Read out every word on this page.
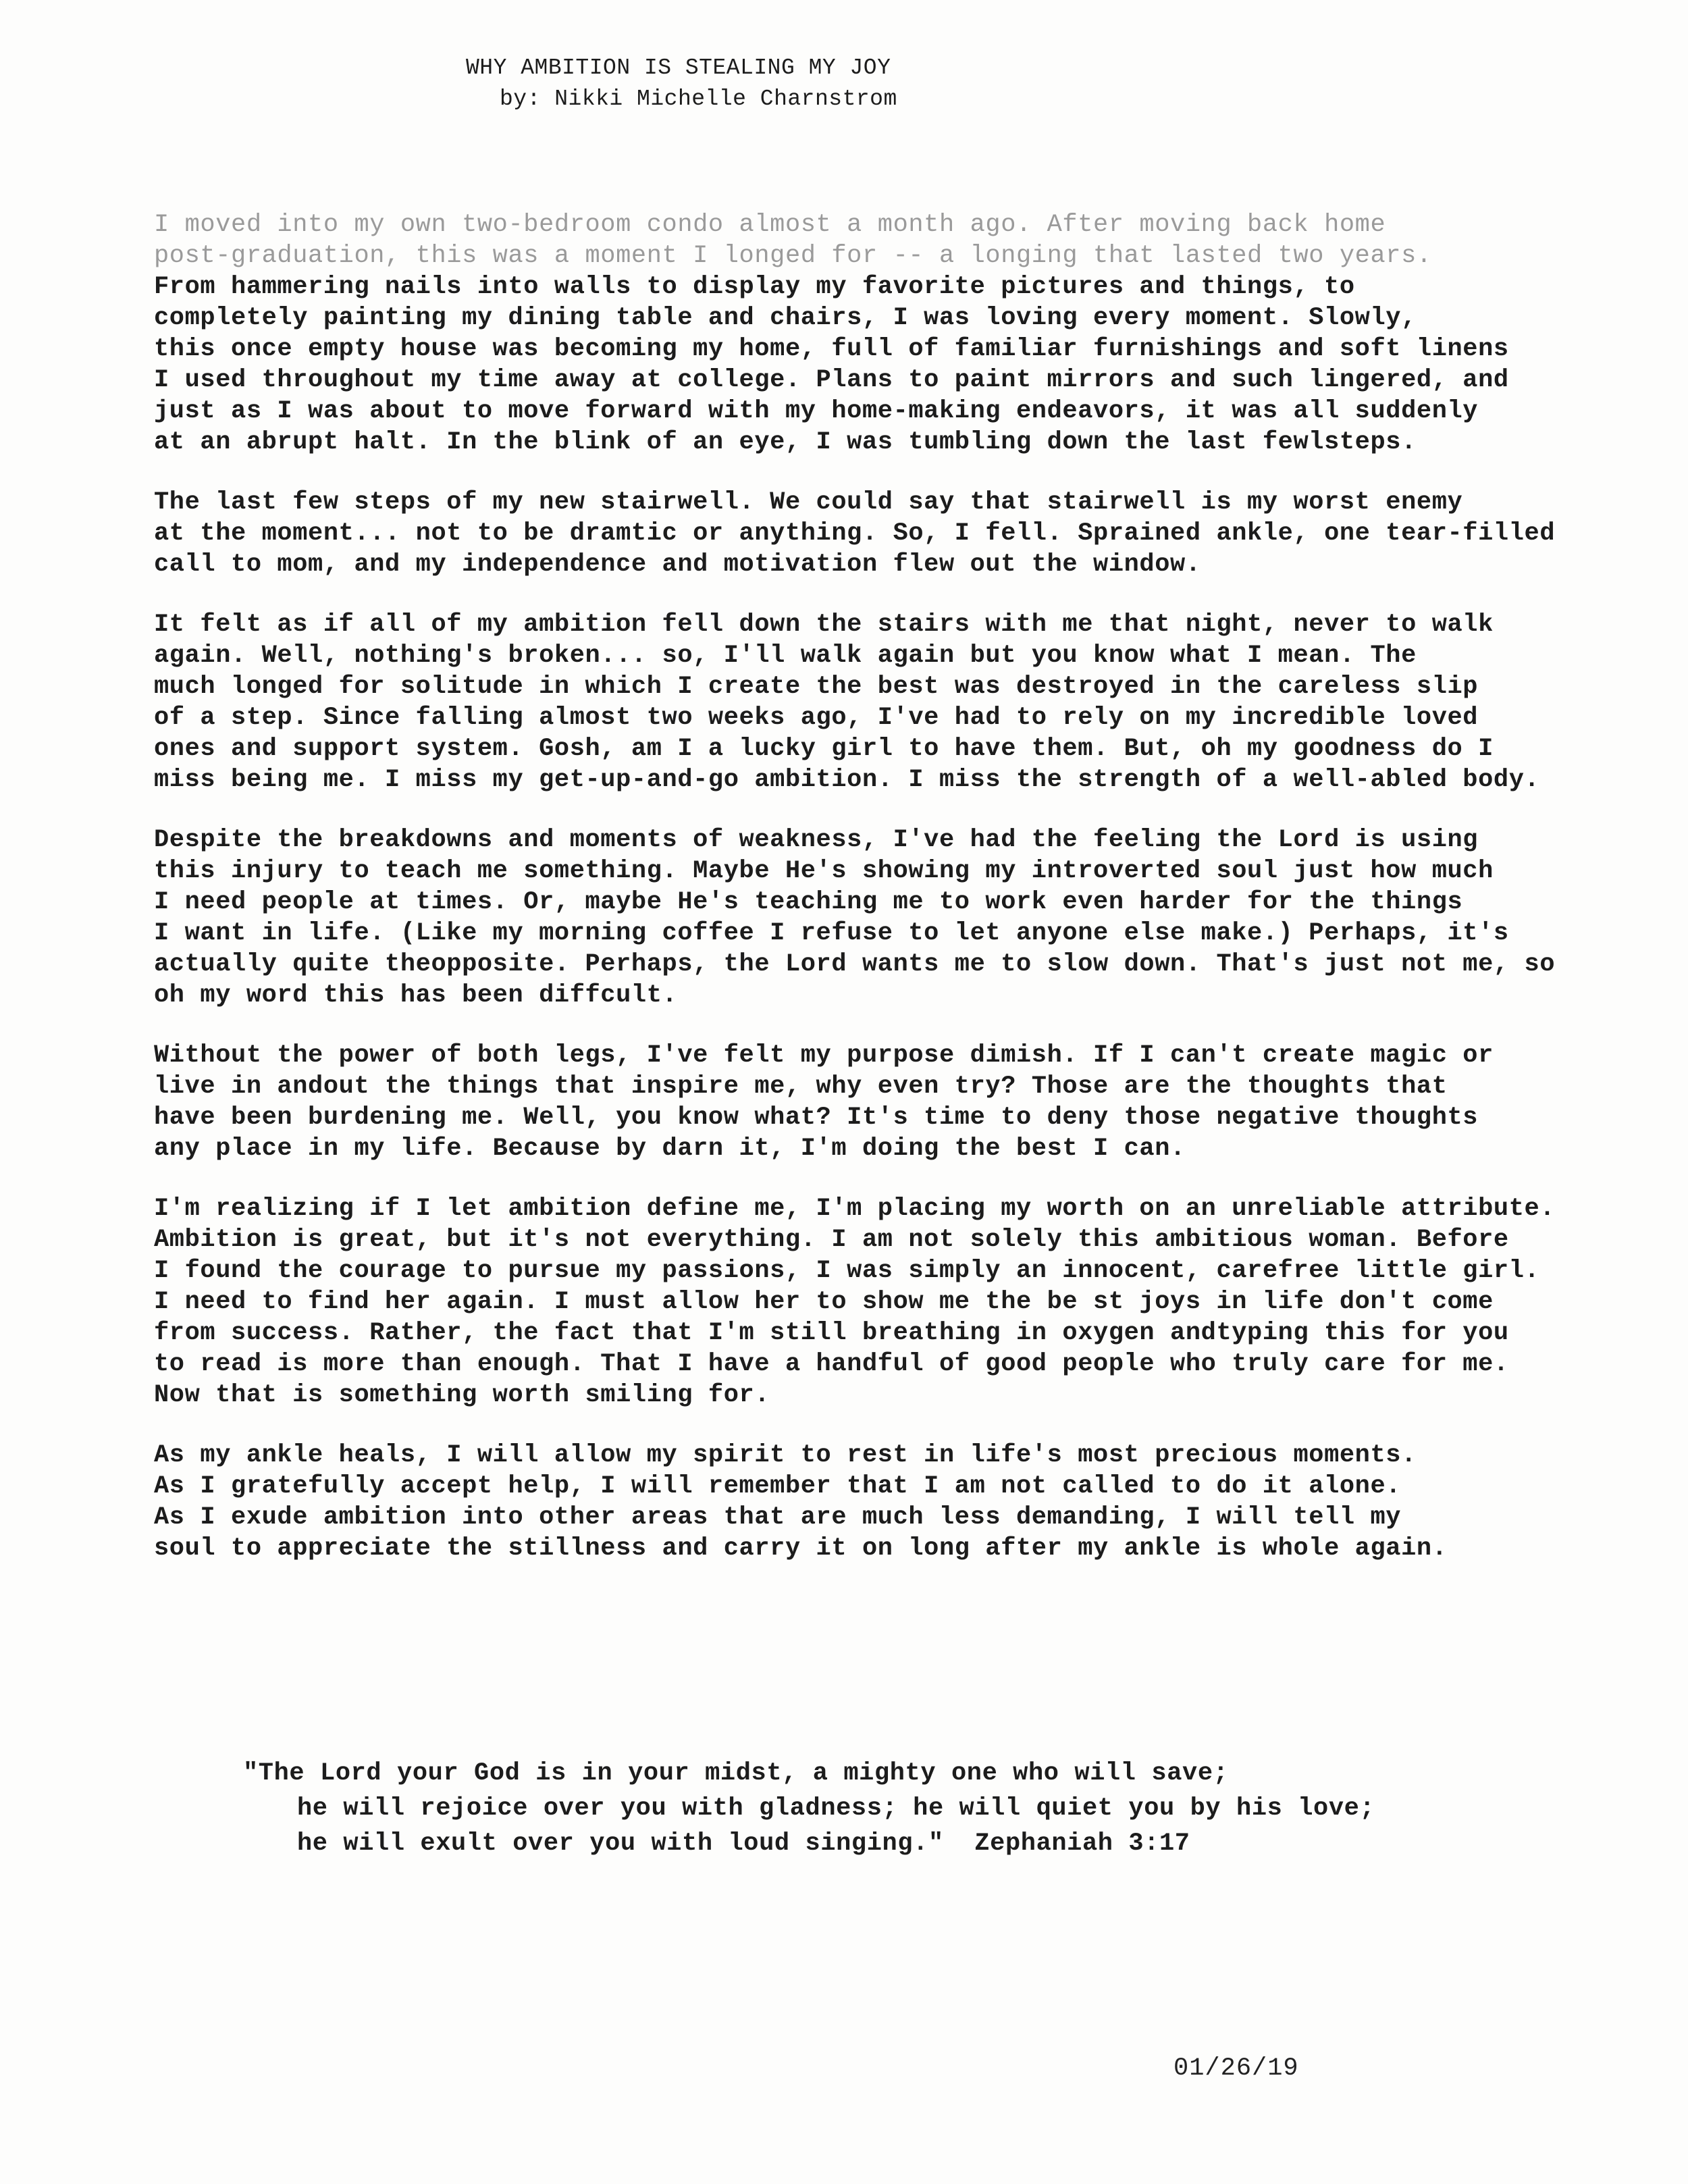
WHY AMBITION IS STEALING MY JOY
by: Nikki Michelle Charnstrom
I moved into my own two-bedroom condo almost a month ago. After moving back home
post-graduation, this was a moment I longed for -- a longing that lasted two years.
From hammering nails into walls to display my favorite pictures and things, to
completely painting my dining table and chairs, I was loving every moment. Slowly,
this once empty house was becoming my home, full of familiar furnishings and soft linens
I used throughout my time away at college. Plans to paint mirrors and such lingered, and
just as I was about to move forward with my home-making endeavors, it was all suddenly
at an abrupt halt. In the blink of an eye, I was tumbling down the last fewlsteps.
The last few steps of my new stairwell. We could say that stairwell is my worst enemy
at the moment... not to be dramtic or anything. So, I fell. Sprained ankle, one tear-filled
call to mom, and my independence and motivation flew out the window.
It felt as if all of my ambition fell down the stairs with me that night, never to walk
again. Well, nothing's broken... so, I'll walk again but you know what I mean. The
much longed for solitude in which I create the best was destroyed in the careless slip
of a step. Since falling almost two weeks ago, I've had to rely on my incredible loved
ones and support system. Gosh, am I a lucky girl to have them. But, oh my goodness do I
miss being me. I miss my get-up-and-go ambition. I miss the strength of a well-abled body.
Despite the breakdowns and moments of weakness, I've had the feeling the Lord is using
this injury to teach me something. Maybe He's showing my introverted soul just how much
I need people at times. Or, maybe He's teaching me to work even harder for the things
I want in life. (Like my morning coffee I refuse to let anyone else make.) Perhaps, it's
actually quite theopposite. Perhaps, the Lord wants me to slow down. That's just not me, so
oh my word this has been diffcult.
Without the power of both legs, I've felt my purpose dimish. If I can't create magic or
live in andout the things that inspire me, why even try? Those are the thoughts that
have been burdening me. Well, you know what? It's time to deny those negative thoughts
any place in my life. Because by darn it, I'm doing the best I can.
I'm realizing if I let ambition define me, I'm placing my worth on an unreliable attribute.
Ambition is great, but it's not everything. I am not solely this ambitious woman. Before
I found the courage to pursue my passions, I was simply an innocent, carefree little girl.
I need to find her again. I must allow her to show me the be st joys in life don't come
from success. Rather, the fact that I'm still breathing in oxygen andtyping this for you
to read is more than enough. That I have a handful of good people who truly care for me.
Now that is something worth smiling for.
As my ankle heals, I will allow my spirit to rest in life's most precious moments.
As I gratefully accept help, I will remember that I am not called to do it alone.
As I exude ambition into other areas that are much less demanding, I will tell my
soul to appreciate the stillness and carry it on long after my ankle is whole again.
"The Lord your God is in your midst, a mighty one who will save;
he will rejoice over you with gladness; he will quiet you by his love;
he will exult over you with loud singing."  Zephaniah 3:17
01/26/19
